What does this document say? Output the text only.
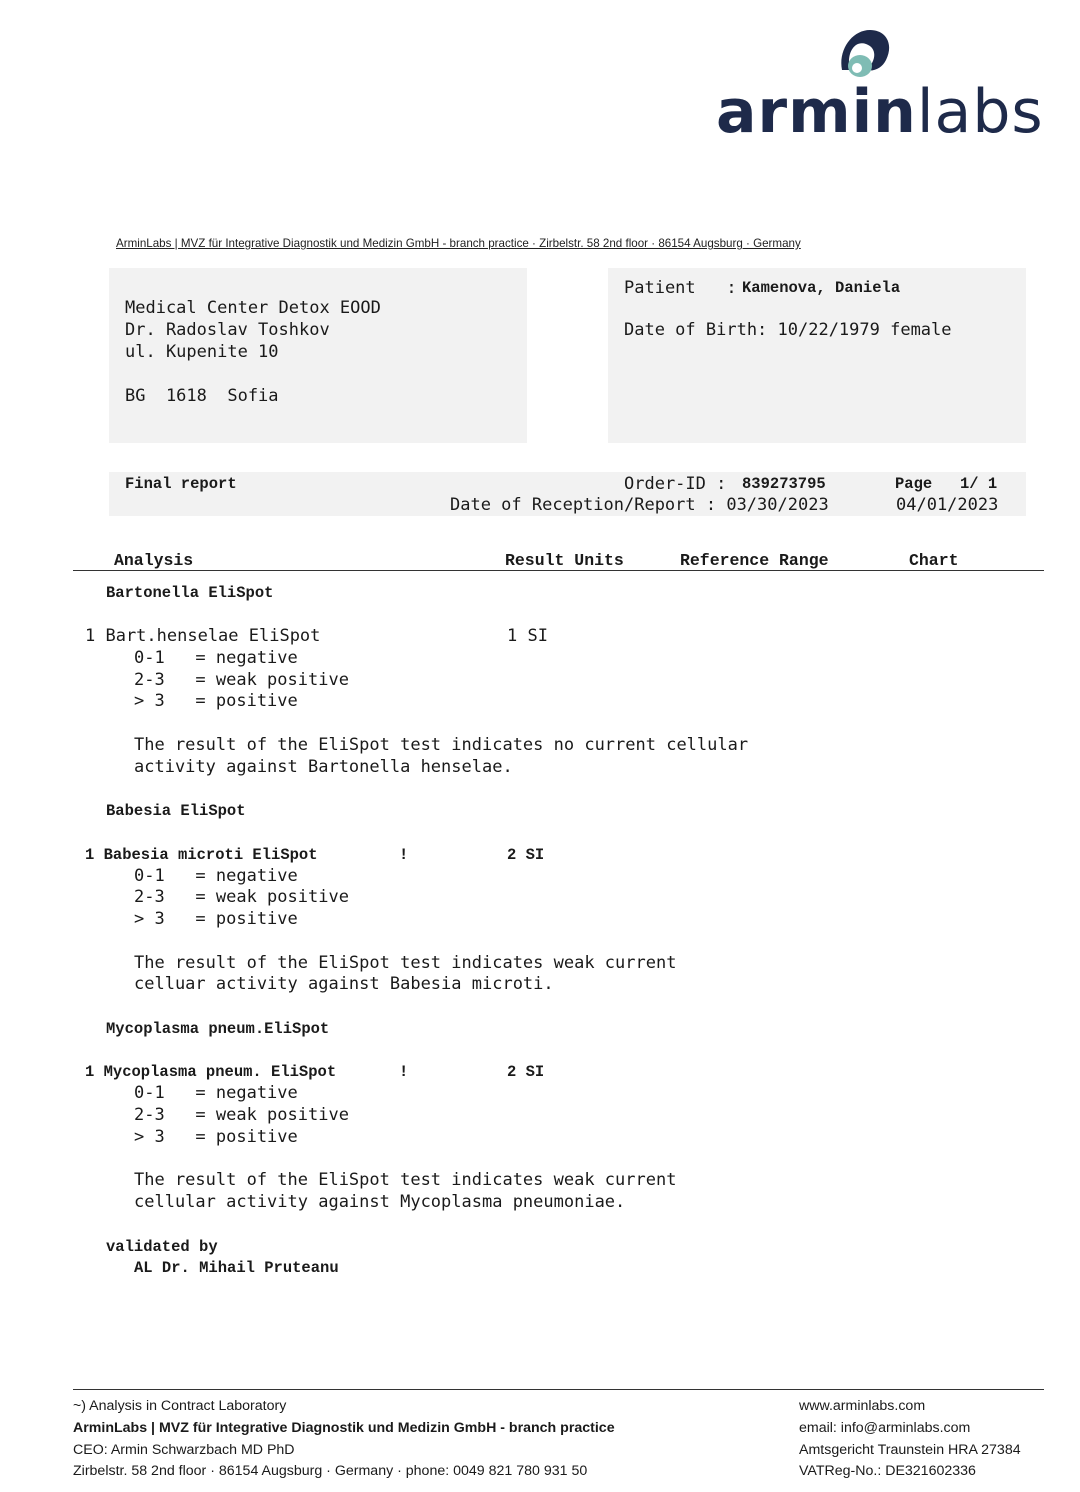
arminlabs
ArminLabs | MVZ für Integrative Diagnostik und Medizin GmbH - branch practice · Zirbelstr. 58 2nd floor · 86154 Augsburg · Germany
Medical Center Detox EOOD
Dr. Radoslav Toshkov
ul. Kupenite 10
BG  1618  Sofia
Patient   : Kamenova, Daniela
Date of Birth: 10/22/1979 female
Final report	Order-ID : 839273795	Page 1/ 1
Date of Reception/Report : 03/30/2023	04/01/2023
Analysis	Result Units	Reference Range	Chart
Bartonella EliSpot
1 Bart.henselae EliSpot	1 SI
0-1   = negative
2-3   = weak positive
> 3   = positive
The result of the EliSpot test indicates no current cellular
activity against Bartonella henselae.
Babesia EliSpot
1 Babesia microti EliSpot	!	2 SI
0-1   = negative
2-3   = weak positive
> 3   = positive
The result of the EliSpot test indicates weak current
celluar activity against Babesia microti.
Mycoplasma pneum.EliSpot
1 Mycoplasma pneum. EliSpot	!	2 SI
0-1   = negative
2-3   = weak positive
> 3   = positive
The result of the EliSpot test indicates weak current
cellular activity against Mycoplasma pneumoniae.
validated by
AL Dr. Mihail Pruteanu
~) Analysis in Contract Laboratory
ArminLabs | MVZ für Integrative Diagnostik und Medizin GmbH - branch practice
CEO: Armin Schwarzbach MD PhD
Zirbelstr. 58 2nd floor · 86154 Augsburg · Germany · phone: 0049 821 780 931 50
www.arminlabs.com
email: info@arminlabs.com
Amtsgericht Traunstein HRA 27384
VATReg-No.: DE321602336
